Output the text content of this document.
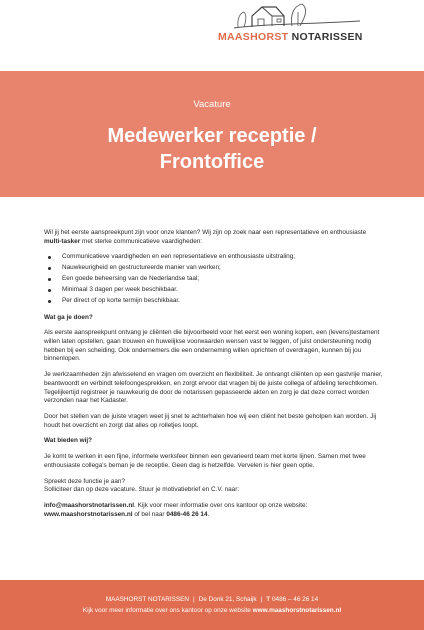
MAASHORST NOTARISSEN
Vacature
Medewerker receptie /
Frontoffice

Wil jij het eerste aanspreekpunt zijn voor onze klanten? Wij zijn op zoek naar een representatieve en enthousiaste multi-tasker met sterke communicatieve vaardigheden:

Communicatieve vaardigheden en een representatieve en enthousiaste uitstraling;
Nauwkeurigheid en gestructureerde manier van werken;
Een goede beheersing van de Nederlandse taal;
Minimaal 3 dagen per week beschikbaar.
Per direct of op korte termijn beschikbaar.

Wat ga je doen?

Als eerste aanspreekpunt ontvang je cliënten die bijvoorbeeld voor het eerst een woning kopen, een (levens)testament willen laten opstellen, gaan trouwen en huwelijkse voorwaarden wensen vast te leggen, of juist ondersteuning nodig hebben bij een scheiding. Ook ondernemers die een onderneming willen oprichten of overdragen, kunnen bij jou binnenlopen.

Je werkzaamheden zijn afwisselend en vragen om overzicht en flexibiliteit. Je ontvangt cliënten op een gastvrije manier, beantwoordt en verbindt telefoongesprekken, en zorgt ervoor dat vragen bij de juiste collega of afdeling terechtkomen. Tegelijkertijd registreer je nauwkeurig de door de notarissen gepasseerde akten en zorg je dat deze correct worden verzonden naar het Kadaster.

Door het stellen van de juiste vragen weet jij snel te achterhalen hoe wij een cliënt het beste geholpen kan worden. Jij houdt het overzicht en zorgt dat alles op rolletjes loopt.

Wat bieden wij?

Je komt te werken in een fijne, informele werksfeer binnen een gevarieerd team met korte lijnen. Samen met twee enthousiaste collega's beman je de receptie. Geen dag is hetzelfde. Vervelen is hier geen optie.

Spreekt deze functie je aan?
Solliciteer dan op deze vacature. Stuur je motivatiebrief en C.V. naar:

info@maashorstnotarissen.nl. Kijk voor meer informatie over ons kantoor op onze website:
www.maashorstnotarissen.nl of bel naar 0486-46 26 14.

MAASHORST NOTARISSEN | De Donk 21, Schaijk | T 0486 – 46 26 14
Kijk voor meer informatie over ons kantoor op onze website www.maashorstnotarissen.nl
